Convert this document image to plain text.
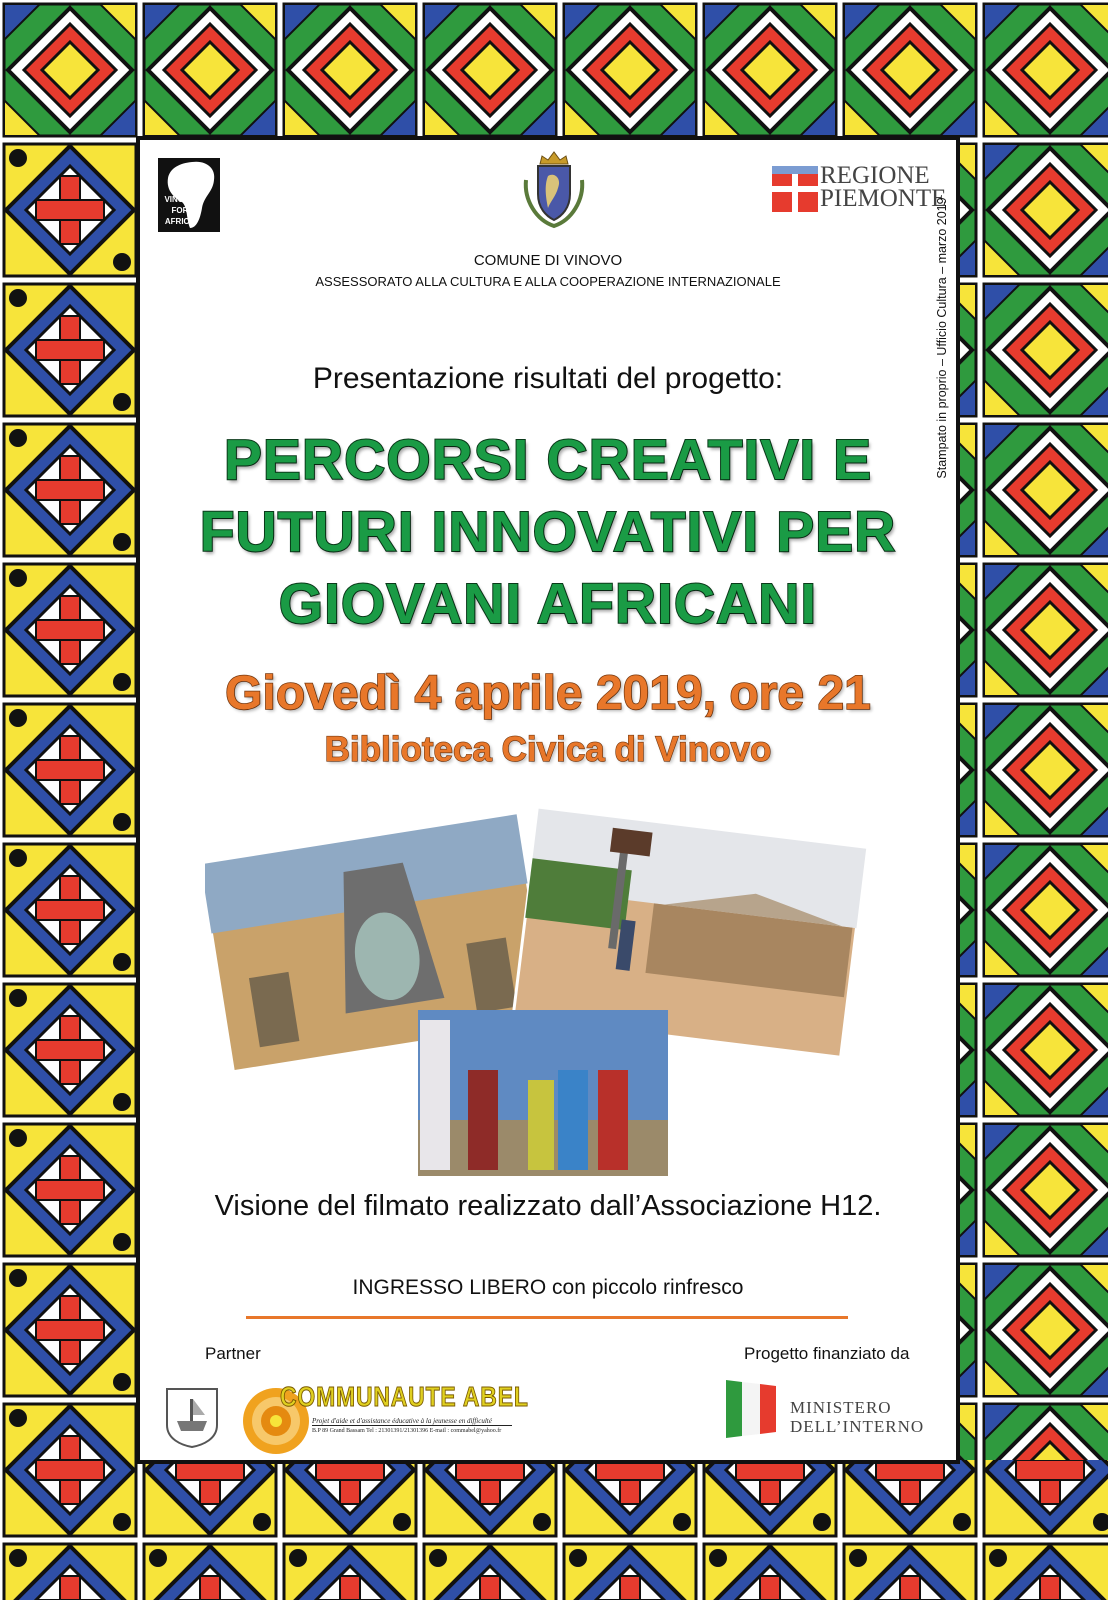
VINOVO FOR AFRICA
REGIONE
PIEMONTE
COMUNE DI VINOVO
ASSESSORATO ALLA CULTURA E ALLA COOPERAZIONE INTERNAZIONALE	Stampato in proprio – Ufficio Cultura – marzo 2019
Presentazione risultati del progetto:
PERCORSI CREATIVI E
FUTURI INNOVATIVI PER
GIOVANI AFRICANI
Giovedì 4 aprile 2019, ore 21
Biblioteca Civica di Vinovo
Visione del filmato realizzato dall’Associazione H12.
INGRESSO LIBERO con piccolo rinfresco
Partner	Progetto finanziato da
COMMUNAUTE ABEL
Projet d'aide et d'assistance éducative à la jeunesse en difficulté
B.P 89 Grand Bassam Tel : 21301391/21301396 E-mail : commabel@yahoo.fr
MINISTERO
DELL’INTERNO
